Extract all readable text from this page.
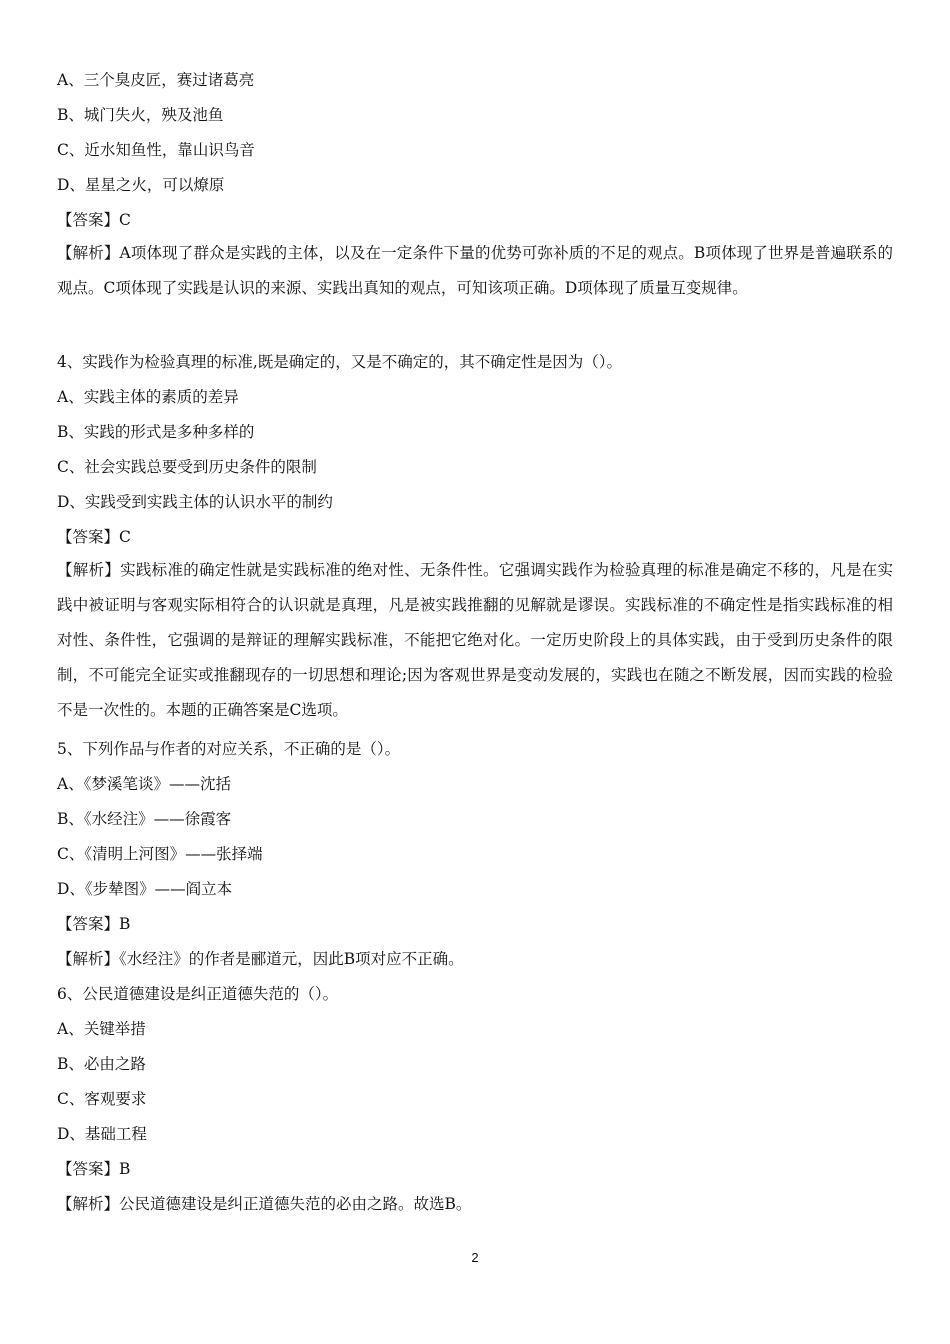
A、三个臭皮匠，赛过诸葛亮
B、城门失火，殃及池鱼
C、近水知鱼性，靠山识鸟音
D、星星之火，可以燎原
【答案】C
【解析】A项体现了群众是实践的主体，以及在一定条件下量的优势可弥补质的不足的观点。B项体现了世界是普遍联系的观点。C项体现了实践是认识的来源、实践出真知的观点，可知该项正确。D项体现了质量互变规律。
4、实践作为检验真理的标准,既是确定的，又是不确定的，其不确定性是因为（）。
A、实践主体的素质的差异
B、实践的形式是多种多样的
C、社会实践总要受到历史条件的限制
D、实践受到实践主体的认识水平的制约
【答案】C
【解析】实践标准的确定性就是实践标准的绝对性、无条件性。它强调实践作为检验真理的标准是确定不移的，凡是在实践中被证明与客观实际相符合的认识就是真理，凡是被实践推翻的见解就是谬误。实践标准的不确定性是指实践标准的相对性、条件性，它强调的是辩证的理解实践标准，不能把它绝对化。一定历史阶段上的具体实践，由于受到历史条件的限制，不可能完全证实或推翻现存的一切思想和理论;因为客观世界是变动发展的，实践也在随之不断发展，因而实践的检验不是一次性的。本题的正确答案是C选项。
5、下列作品与作者的对应关系，不正确的是（）。
A、《梦溪笔谈》——沈括
B、《水经注》——徐霞客
C、《清明上河图》——张择端
D、《步辇图》——阎立本
【答案】B
【解析】《水经注》的作者是郦道元，因此B项对应不正确。
6、公民道德建设是纠正道德失范的（）。
A、关键举措
B、必由之路
C、客观要求
D、基础工程
【答案】B
【解析】公民道德建设是纠正道德失范的必由之路。故选B。
2
